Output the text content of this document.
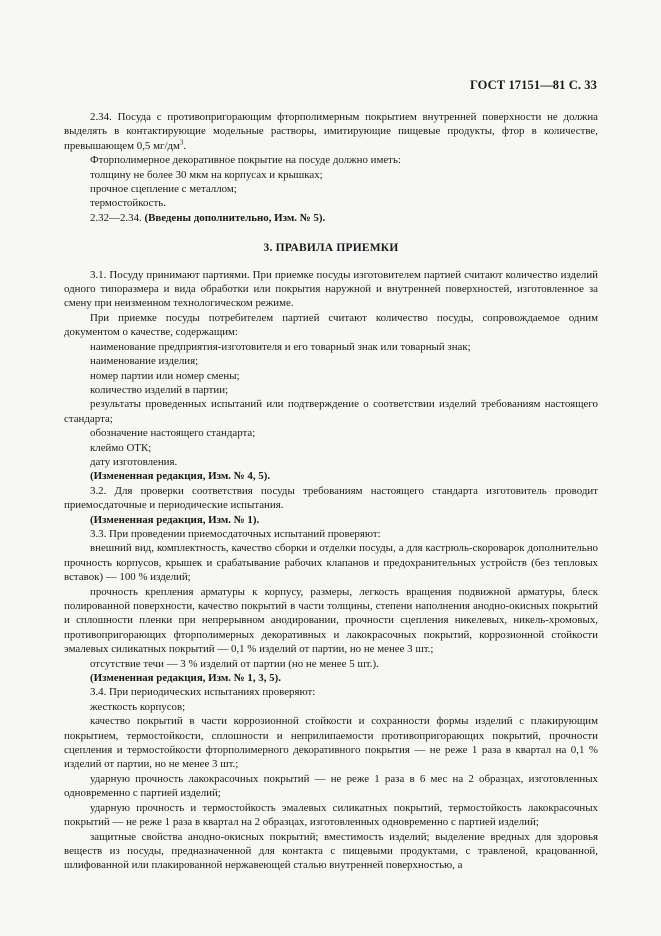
ГОСТ 17151—81 С. 33

2.34. Посуда с противопригорающим фторполимерным покрытием внутренней поверхности не должна выделять в контактирующие модельные растворы, имитирующие пищевые продукты, фтор в количестве, превышающем 0,5 $мг/дм^3$.

Фторполимерное декоративное покрытие на посуде должно иметь:

толщину не более 30 мкм на корпусах и крышках;

прочное сцепление с металлом;

термостойкость.

2.32—2.34. (Введены дополнительно, Изм. № 5).

3. ПРАВИЛА ПРИЕМКИ

3.1. Посуду принимают партиями. При приемке посуды изготовителем партией считают количество изделий одного типоразмера и вида обработки или покрытия наружной и внутренней поверхностей, изготовленное за смену при неизменном технологическом режиме.

При приемке посуды потребителем партией считают количество посуды, сопровождаемое одним документом о качестве, содержащим:

наименование предприятия-изготовителя и его товарный знак или товарный знак;

наименование изделия;

номер партии или номер смены;

количество изделий в партии;

результаты проведенных испытаний или подтверждение о соответствии изделий требованиям настоящего стандарта;

обозначение настоящего стандарта;

клеймо ОТК;

дату изготовления.

(Измененная редакция, Изм. № 4, 5).

3.2. Для проверки соответствия посуды требованиям настоящего стандарта изготовитель проводит приемосдаточные и периодические испытания.

(Измененная редакция, Изм. № 1).

3.3. При проведении приемосдаточных испытаний проверяют:

внешний вид, комплектность, качество сборки и отделки посуды, а для кастрюль-скороварок дополнительно прочность корпусов, крышек и срабатывание рабочих клапанов и предохранительных устройств (без тепловых вставок) — 100 % изделий;

прочность крепления арматуры к корпусу, размеры, легкость вращения подвижной арматуры, блеск полированной поверхности, качество покрытий в части толщины, степени наполнения анодно-окисных покрытий и сплошности пленки при непрерывном анодировании, прочности сцепления никелевых, никель-хромовых, противопригорающих фторполимерных декоративных и лакокрасочных покрытий, коррозионной стойкости эмалевых силикатных покрытий — 0,1 % изделий от партии, но не менее 3 шт.;

отсутствие течи — 3 % изделий от партии (но не менее 5 шт.).

(Измененная редакция, Изм. № 1, 3, 5).

3.4. При периодических испытаниях проверяют:

жесткость корпусов;

качество покрытий в части коррозионной стойкости и сохранности формы изделий с плакирующим покрытием, термостойкости, сплошности и неприлипаемости противопригорающих покрытий, прочности сцепления и термостойкости фторполимерного декоративного покрытия — не реже 1 раза в квартал на 0,1 % изделий от партии, но не менее 3 шт.;

ударную прочность лакокрасочных покрытий — не реже 1 раза в 6 мес на 2 образцах, изготовленных одновременно с партией изделий;

ударную прочность и термостойкость эмалевых силикатных покрытий, термостойкость лакокрасочных покрытий — не реже 1 раза в квартал на 2 образцах, изготовленных одновременно с партией изделий;

защитные свойства анодно-окисных покрытий; вместимость изделий; выделение вредных для здоровья веществ из посуды, предназначенной для контакта с пищевыми продуктами, с травленой, крацованной, шлифованной или плакированной нержавеющей сталью внутренней поверхностью, а
